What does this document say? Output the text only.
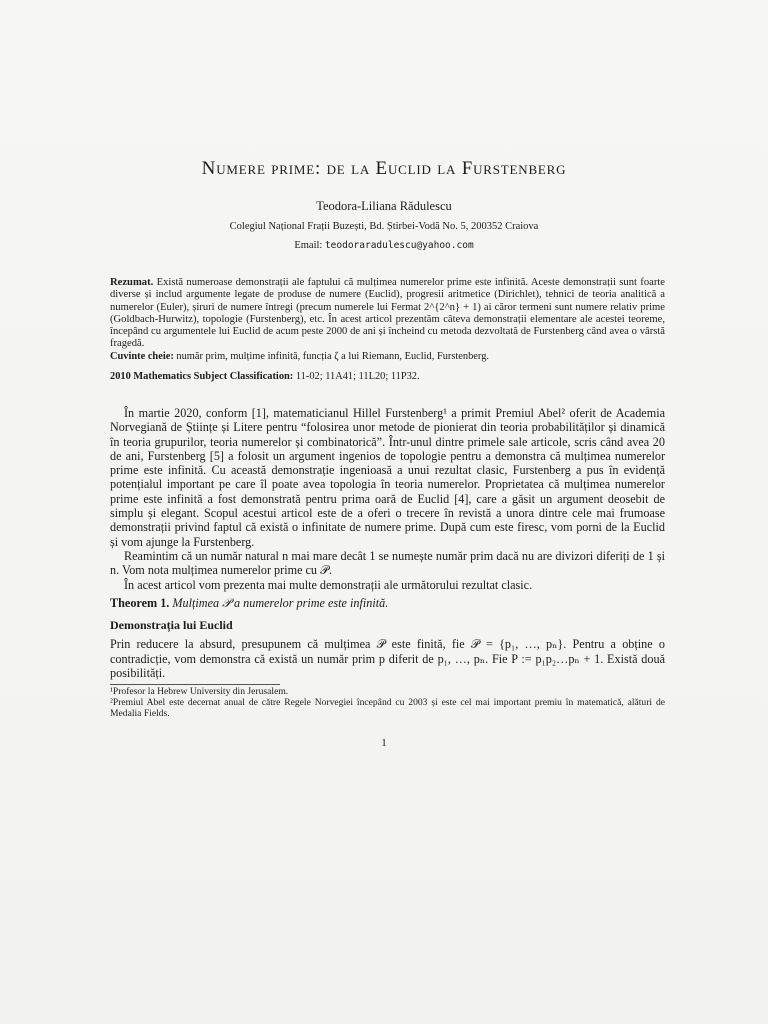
Numere prime: de la Euclid la Furstenberg
Teodora-Liliana Rădulescu
Colegiul Național Frații Buzești, Bd. Știrbei-Vodă No. 5, 200352 Craiova
Email: teodoraradulescu@yahoo.com
Rezumat. Există numeroase demonstrații ale faptului că mulțimea numerelor prime este infinită. Aceste demonstrații sunt foarte diverse și includ argumente legate de produse de numere (Euclid), progresii aritmetice (Dirichlet), tehnici de teoria analitică a numerelor (Euler), șiruri de numere întregi (precum numerele lui Fermat 2^{2^n} + 1) ai căror termeni sunt numere relativ prime (Goldbach-Hurwitz), topologie (Furstenberg), etc. În acest articol prezentăm câteva demonstrații elementare ale acestei teoreme, începând cu argumentele lui Euclid de acum peste 2000 de ani și încheind cu metoda dezvoltată de Furstenberg când avea o vârstă fragedă.
Cuvinte cheie: număr prim, mulțime infinită, funcția ζ a lui Riemann, Euclid, Furstenberg.
2010 Mathematics Subject Classification: 11-02; 11A41; 11L20; 11P32.

În martie 2020, conform [1], matematicianul Hillel Furstenberg¹ a primit Premiul Abel² oferit de Academia Norvegiană de Științe și Litere pentru “folosirea unor metode de pionierat din teoria probabilităților și dinamică în teoria grupurilor, teoria numerelor și combinatorică”. Într-unul dintre primele sale articole, scris când avea 20 de ani, Furstenberg [5] a folosit un argument ingenios de topologie pentru a demonstra că mulțimea numerelor prime este infinită. Cu această demonstrație ingenioasă a unui rezultat clasic, Furstenberg a pus în evidență potențialul important pe care îl poate avea topologia în teoria numerelor. Proprietatea că mulțimea numerelor prime este infinită a fost demonstrată pentru prima oară de Euclid [4], care a găsit un argument deosebit de simplu și elegant. Scopul acestui articol este de a oferi o trecere în revistă a unora dintre cele mai frumoase demonstrații privind faptul că există o infinitate de numere prime. După cum este firesc, vom porni de la Euclid și vom ajunge la Furstenberg.

Reamintim că un număr natural n mai mare decât 1 se numește număr prim dacă nu are divizori diferiți de 1 și n. Vom nota mulțimea numerelor prime cu 𝒫.

În acest articol vom prezenta mai multe demonstrații ale următorului rezultat clasic.

Theorem 1. Mulțimea 𝒫 a numerelor prime este infinită.
Demonstrația lui Euclid
Prin reducere la absurd, presupunem că mulțimea 𝒫 este finită, fie 𝒫 = {p₁, …, pₙ}. Pentru a obține o contradicție, vom demonstra că există un număr prim p diferit de p₁, …, pₙ. Fie P := p₁p₂…pₙ + 1. Există două posibilități.
¹Profesor la Hebrew University din Jerusalem.
²Premiul Abel este decernat anual de către Regele Norvegiei începând cu 2003 și este cel mai important premiu în matematică, alături de Medalia Fields.
1
